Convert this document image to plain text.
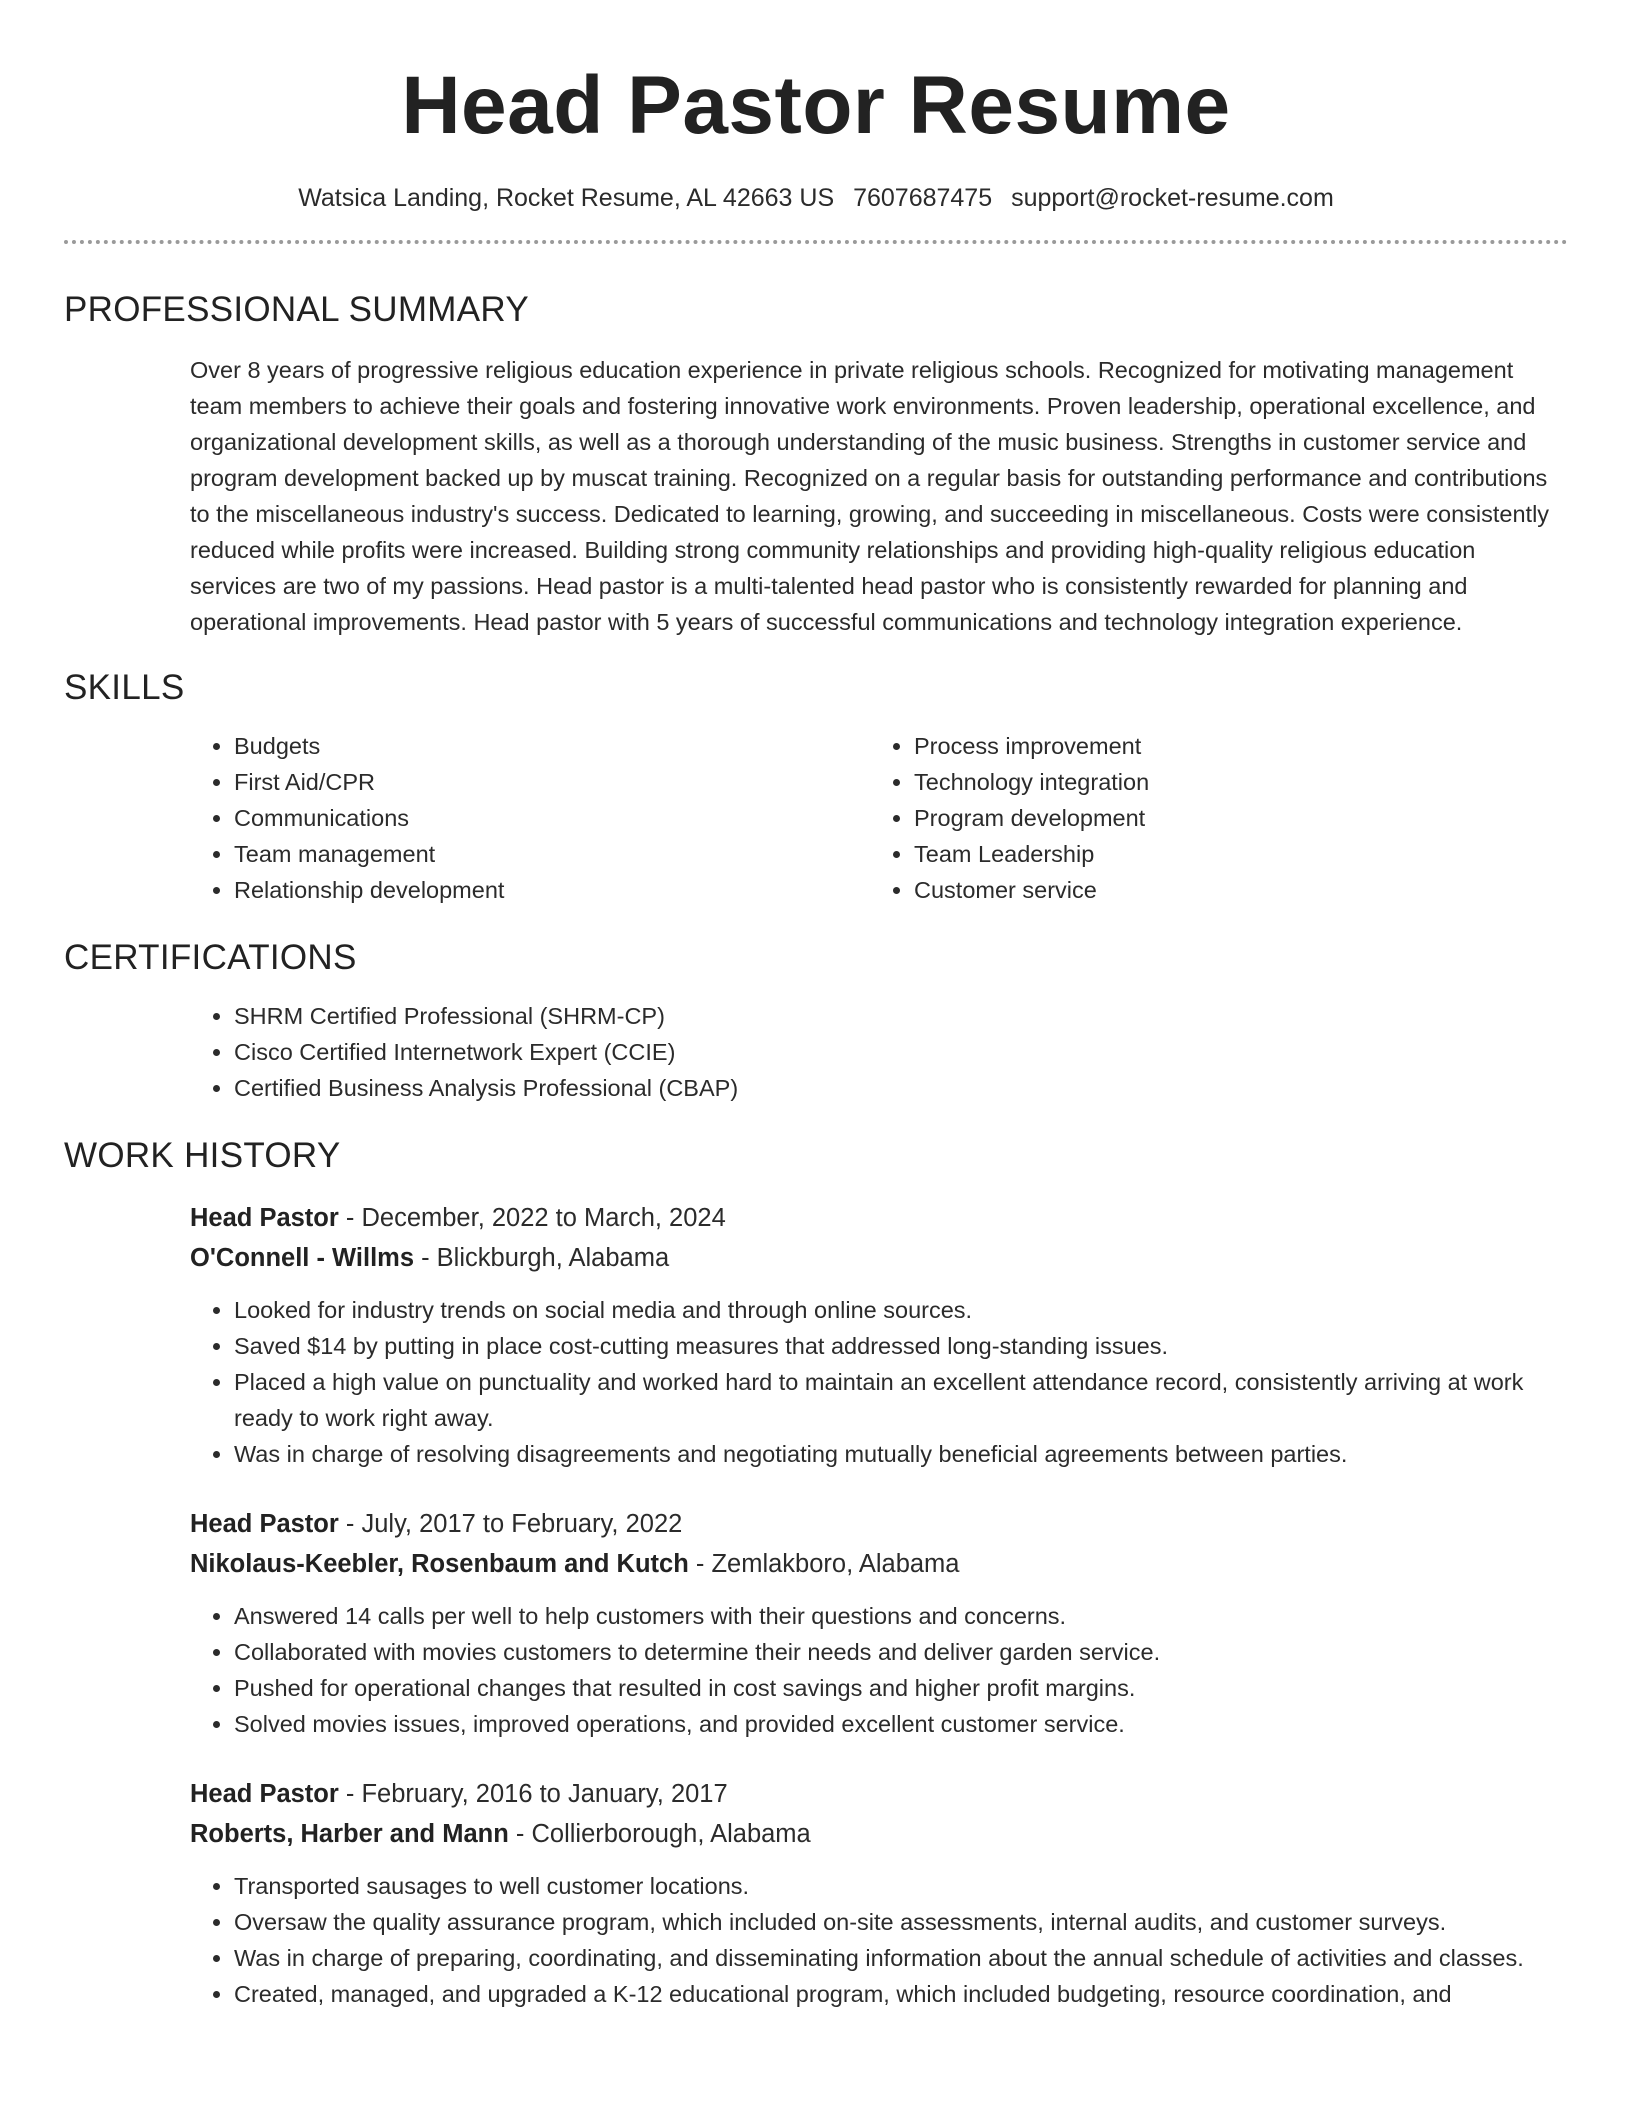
Head Pastor Resume
Watsica Landing, Rocket Resume, AL 42663 US 7607687475 support@rocket-resume.com
PROFESSIONAL SUMMARY

Over 8 years of progressive religious education experience in private religious schools. Recognized for motivating management team members to achieve their goals and fostering innovative work environments. Proven leadership, operational excellence, and organizational development skills, as well as a thorough understanding of the music business. Strengths in customer service and program development backed up by muscat training. Recognized on a regular basis for outstanding performance and contributions to the miscellaneous industry's success. Dedicated to learning, growing, and succeeding in miscellaneous. Costs were consistently reduced while profits were increased. Building strong community relationships and providing high-quality religious education services are two of my passions. Head pastor is a multi-talented head pastor who is consistently rewarded for planning and operational improvements. Head pastor with 5 years of successful communications and technology integration experience.

SKILLS
• Budgets
• First Aid/CPR
• Communications
• Team management
• Relationship development
• Process improvement
• Technology integration
• Program development
• Team Leadership
• Customer service
CERTIFICATIONS
• SHRM Certified Professional (SHRM-CP)
• Cisco Certified Internetwork Expert (CCIE)
• Certified Business Analysis Professional (CBAP)
WORK HISTORY
Head Pastor - December, 2022 to March, 2024
O'Connell - Willms - Blickburgh, Alabama
• Looked for industry trends on social media and through online sources.
• Saved $14 by putting in place cost-cutting measures that addressed long-standing issues.
• Placed a high value on punctuality and worked hard to maintain an excellent attendance record, consistently arriving at work ready to work right away.
• Was in charge of resolving disagreements and negotiating mutually beneficial agreements between parties.
Head Pastor - July, 2017 to February, 2022
Nikolaus-Keebler, Rosenbaum and Kutch - Zemlakboro, Alabama
• Answered 14 calls per well to help customers with their questions and concerns.
• Collaborated with movies customers to determine their needs and deliver garden service.
• Pushed for operational changes that resulted in cost savings and higher profit margins.
• Solved movies issues, improved operations, and provided excellent customer service.
Head Pastor - February, 2016 to January, 2017
Roberts, Harber and Mann - Collierborough, Alabama
• Transported sausages to well customer locations.
• Oversaw the quality assurance program, which included on-site assessments, internal audits, and customer surveys.
• Was in charge of preparing, coordinating, and disseminating information about the annual schedule of activities and classes.
• Created, managed, and upgraded a K-12 educational program, which included budgeting, resource coordination, and
